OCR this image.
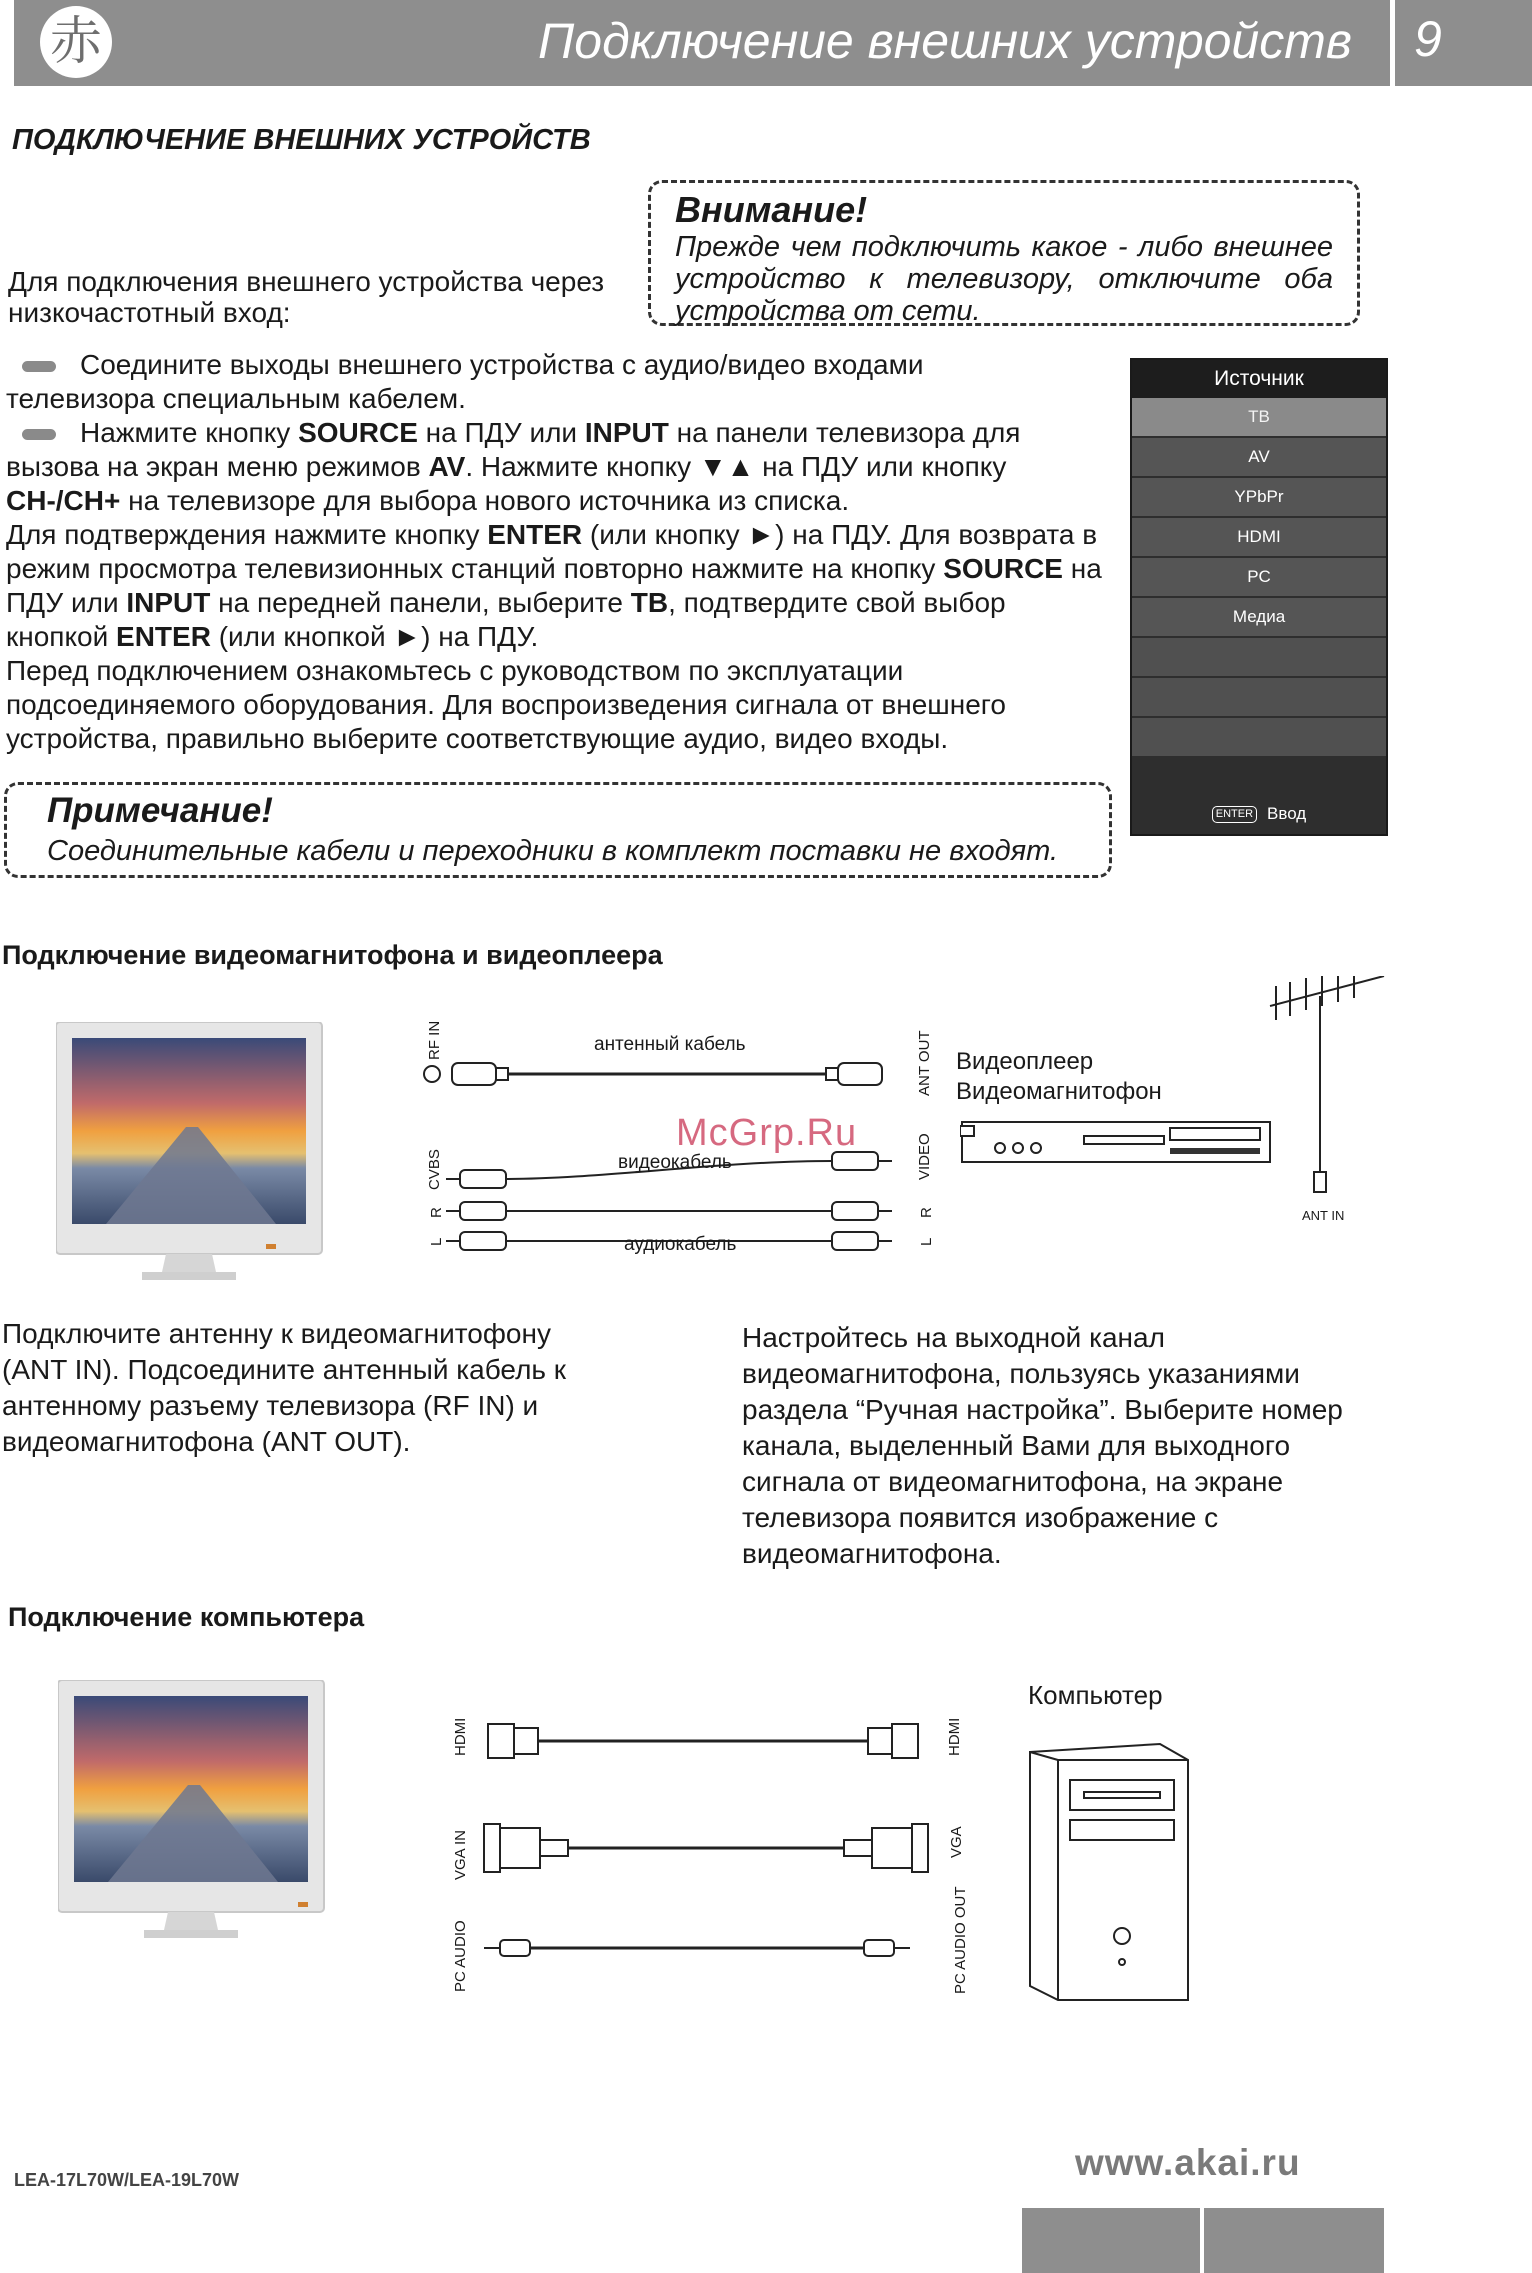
赤	Подключение внешних устройств 9
ПОДКЛЮЧЕНИЕ ВНЕШНИХ УСТРОЙСТВ

Для подключения внешнего устройства через низкочастотный вход:

Внимание!

Прежде чем подключить какое - либо внешнее устройство к телевизору, отключите оба устройства от сети.

Соедините выходы внешнего устройства с аудио/видео входами телевизора специальным кабелем.
Нажмите кнопку SOURCE на ПДУ или INPUT на панели телевизора для вызова на экран меню режимов AV. Нажмите кнопку ▼▲ на ПДУ или кнопку CH-/CH+ на телевизоре для выбора нового источника из списка.
Для подтверждения нажмите кнопку ENTER (или кнопку ►) на ПДУ. Для возврата в режим просмотра телевизионных станций повторно нажмите на кнопку SOURCE на ПДУ или INPUT на передней панели, выберите ТВ, подтвердите свой выбор кнопкой ENTER (или кнопкой ►) на ПДУ.
Перед подключением ознакомьтесь с руководством по эксплуатации подсоединяемого оборудования. Для воспроизведения сигнала от внешнего устройства, правильно выберите соответствующие аудио, видео входы.

Примечание!

Соединительные кабели и переходники в комплект поставки не входят.

Источник
ТВ
AV
YPbPr
HDMI
PC
Медиа
ENTER Ввод
Подключение видеомагнитофона и видеоплеера
антенный кабель
видеокабель
аудиокабель
RF IN	ANT OUT
CVBS	VIDEO
R
L
R
L
Видеоплеер
Видеомагнитофон
ANT IN
McGrp.Ru

Подключите антенну к видеомагнитофону (ANT IN). Подсоедините антенный кабель к антенному разъему телевизора (RF IN) и видеомагнитофона (ANT OUT).

Настройтесь на выходной канал видеомагнитофона, пользуясь указаниями раздела “Ручная настройка”. Выберите номер канала, выделенный Вами для выходного сигнала от видеомагнитофона, на экране телевизора появится изображение с видеомагнитофона.

Подключение компьютера
HDMI	HDMI
VGA IN	VGA
PC AUDIO	PC AUDIO OUT
Компьютер
LEA-17L70W/LEA-19L70W	www.akai.ru
